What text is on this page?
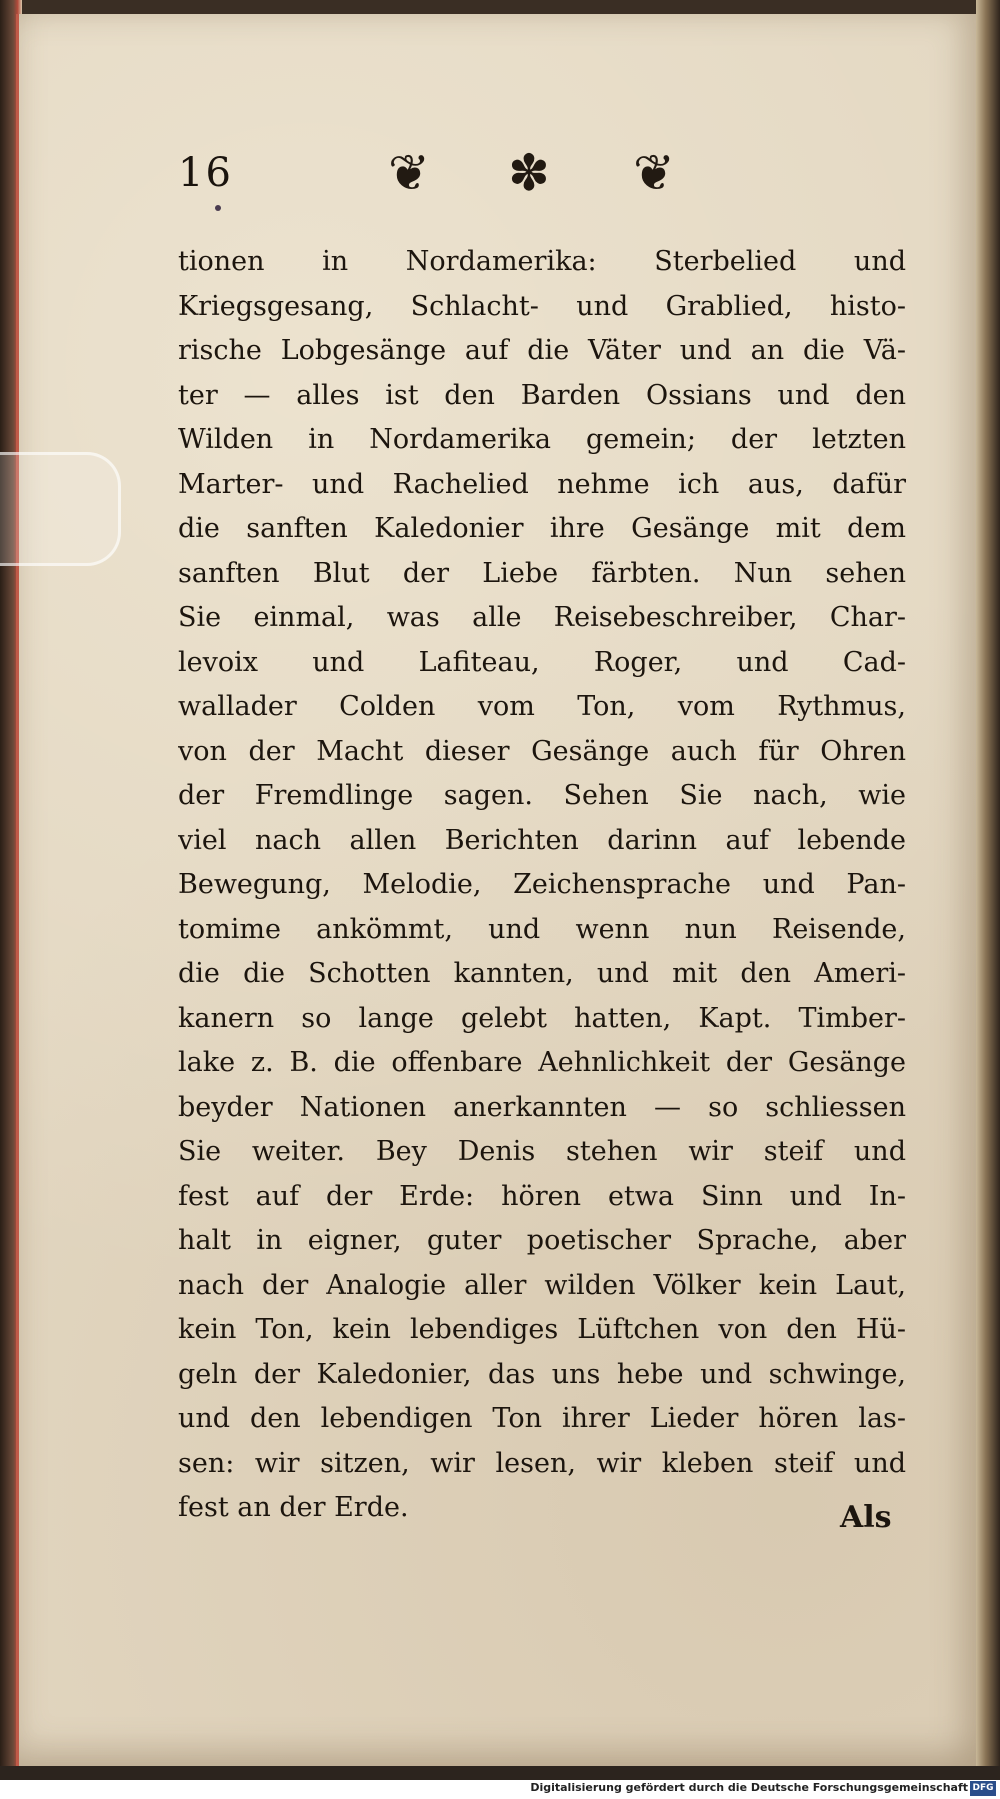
16	❦ ✽ ❦
tionen in Nordamerika: Sterbelied und
Kriegsgesang, Schlacht- und Grablied, histo-
rische Lobgesänge auf die Väter und an die Vä-
ter — alles ist den Barden Ossians und den
Wilden in Nordamerika gemein; der letzten
Marter- und Rachelied nehme ich aus, dafür
die sanften Kaledonier ihre Gesänge mit dem
sanften Blut der Liebe färbten. Nun sehen
Sie einmal, was alle Reisebeschreiber, Char-
levoix und Lafiteau, Roger, und Cad-
wallader Colden vom Ton, vom Rythmus,
von der Macht dieser Gesänge auch für Ohren
der Fremdlinge sagen. Sehen Sie nach, wie
viel nach allen Berichten darinn auf lebende
Bewegung, Melodie, Zeichensprache und Pan-
tomime ankömmt, und wenn nun Reisende,
die die Schotten kannten, und mit den Ameri-
kanern so lange gelebt hatten, Kapt. Timber-
lake z. B. die offenbare Aehnlichkeit der Gesänge
beyder Nationen anerkannten — so schliessen
Sie weiter. Bey Denis stehen wir steif und
fest auf der Erde: hören etwa Sinn und In-
halt in eigner, guter poetischer Sprache, aber
nach der Analogie aller wilden Völker kein Laut,
kein Ton, kein lebendiges Lüftchen von den Hü-
geln der Kaledonier, das uns hebe und schwinge,
und den lebendigen Ton ihrer Lieder hören las-
sen: wir sitzen, wir lesen, wir kleben steif und
fest an der Erde.	Als
Digitalisierung gefördert durch die Deutsche Forschungsgemeinschaft DFG
